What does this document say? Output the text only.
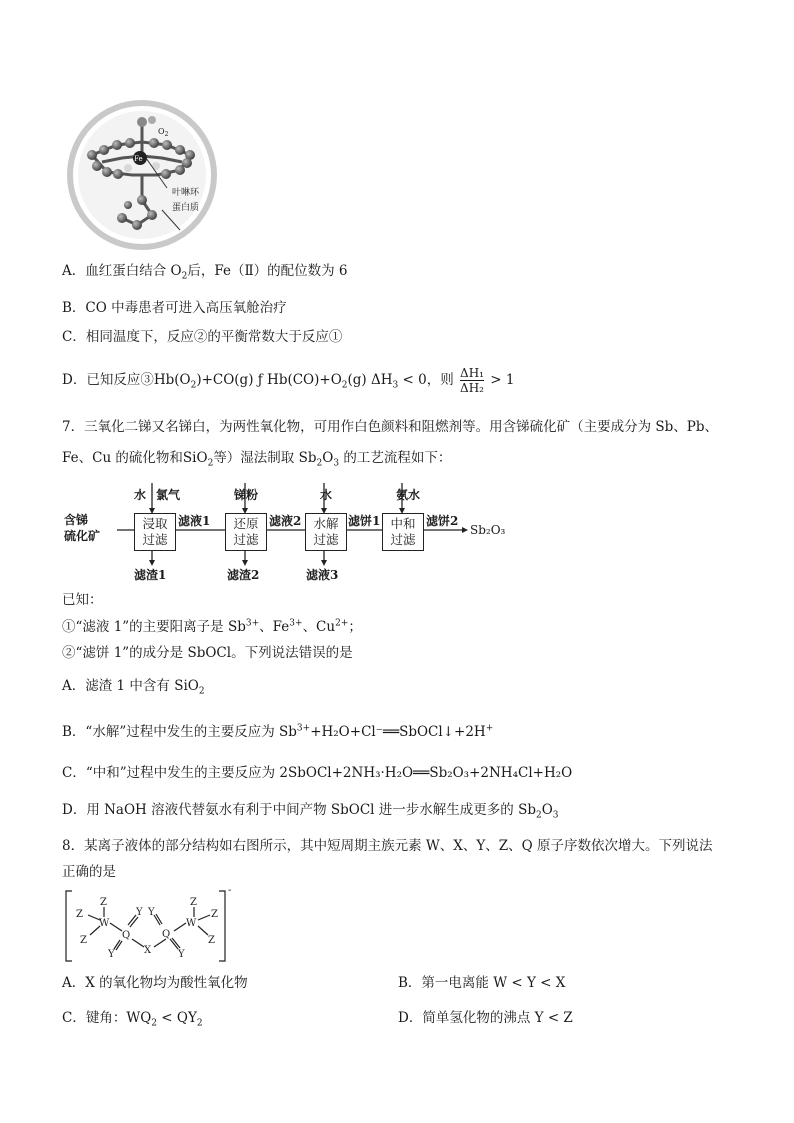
$O_2$
Fe
叶啉环
蛋白质
A．血红蛋白结合 $O_2$后，Fe（Ⅱ）的配位数为 6
B．CO 中毒患者可进入高压氧舱治疗
C．相同温度下，反应②的平衡常数大于反应①
D．已知反应$③Hb(O_2)+CO(g)$ ƒ $Hb(CO)+O_2(g) \Delta H_3 < 0$，则 $\frac{\text{ΔH₁}}{\text{ΔH₂}} > 1$
7．三氧化二锑又名锑白，为两性氧化物，可用作白色颜料和阻燃剂等。用含锑硫化矿（主要成分为 Sb、Pb、
Fe、Cu 的硫化物和SiO$_2$等）湿法制取 $Sb_2O_3$ 的工艺流程如下：
含锑
硫化矿
水 氯气	锑粉	水	氨水
浸取
过滤
还原
过滤
水解
过滤
中和
过滤
滤液1	滤液2	滤饼1	滤饼2
Sb₂O₃
滤渣1	滤渣2	滤液3
已知：
①“滤液 1”的主要阳离子是 $Sb^{3+}$、$Fe^{3+}$、$Cu^{2+}$；
②“滤饼 1”的成分是 SbOCl。下列说法错误的是
A．滤渣 1 中含有 SiO$_2$
B．“水解”过程中发生的主要反应为 $Sb^{3+}+H_2O+Cl^-══SbOCl↓+2H^+$
C．“中和”过程中发生的主要反应为 2SbOCl+2NH₃·H₂O══Sb₂O₃+2NH₄Cl+H₂O
D．用 NaOH 溶液代替氨水有利于中间产物 SbOCl 进一步水解生成更多的 $Sb_2O_3$
8．某离子液体的部分结构如右图所示，其中短周期主族元素 W、X、Y、Z、Q 原子序数依次增大。下列说法
正确的是
Z
Z
Z
W
Q
Y
Y	X
Q
Y
Y
W
Z
Z
Z
-
A．X 的氧化物均为酸性氧化物	B．第一电离能 W < Y < X
C．键角：$WQ_2 < QY_2$	D．简单氢化物的沸点 Y < Z
